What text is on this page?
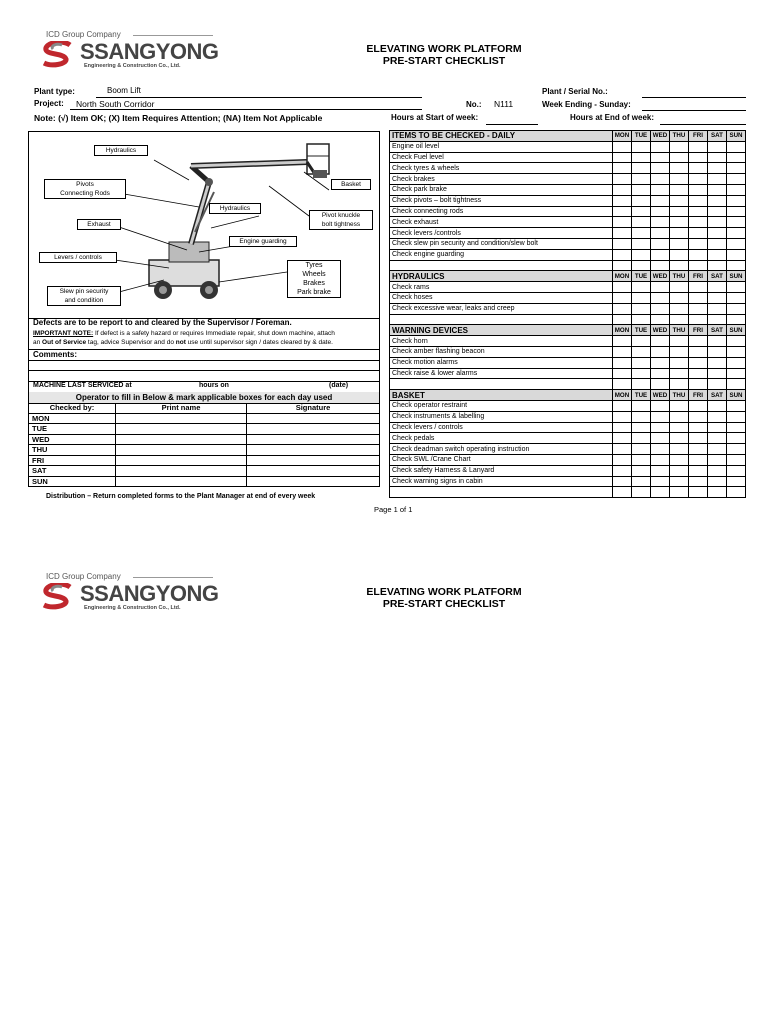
ICD Group Company
SSANGYONG
Engineering & Construction Co., Ltd.
ELEVATING WORK PLATFORM
PRE-START CHECKLIST
Plant type:	Boom Lift
Project: North South Corridor
Note: (√) Item OK; (X) Item Requires Attention; (NA) Item Not Applicable
No.: N111
Plant / Serial No.:
Week Ending - Sunday:
Hours at Start of week:	Hours at End of week:
Hydraulics
Pivots
Connecting Rods
Basket
Hydraulics
Exhaust
Pivot knuckle
bolt tightness
Engine guarding
Levers / controls
Tyres
Wheels
Brakes
Park brake
Slew pin security
and condition
Defects are to be report to and cleared by the Supervisor / Foreman.
IMPORTANT NOTE: If defect is a safety hazard or requires Immediate repair, shut down machine, attach
an Out of Service tag, advice Supervisor and do not use until supervisor sign / dates cleared by & date.
Comments:
MACHINE LAST SERVICED at	hours on	(date)
Operator to fill in Below & mark applicable boxes for each day used
Checked by:	Print name	Signature
MON		
TUE		
WED		
THU		
FRI		
SAT		
SUN		
Distribution – Return completed forms to the Plant Manager at end of every week
ITEMS TO BE CHECKED - DAILY	MON	TUE	WED	THU	FRI	SAT	SUN
Engine oil level							
Check Fuel level							
Check tyres & wheels							
Check brakes							
Check park brake							
Check pivots – bolt tightness							
Check connecting rods							
Check exhaust							
Check levers /controls							
Check slew pin security and condition/slew bolt							
Check engine guarding							

HYDRAULICS	MON	TUE	WED	THU	FRI	SAT	SUN
Check rams							
Check hoses							
Check excessive wear, leaks and creep							

WARNING DEVICES	MON	TUE	WED	THU	FRI	SAT	SUN
Check horn							
Check amber flashing beacon							
Check motion alarms							
Check raise & lower alarms							

BASKET	MON	TUE	WED	THU	FRI	SAT	SUN
Check operator restraint							
Check instruments & labelling							
Check levers / controls							
Check pedals							
Check deadman switch operating instruction							
Check SWL /Crane Chart							
Check safety Harness & Lanyard							
Check warning signs in cabin							

Page 1 of 1
ICD Group Company
SSANGYONG
Engineering & Construction Co., Ltd.
ELEVATING WORK PLATFORM
PRE-START CHECKLIST
